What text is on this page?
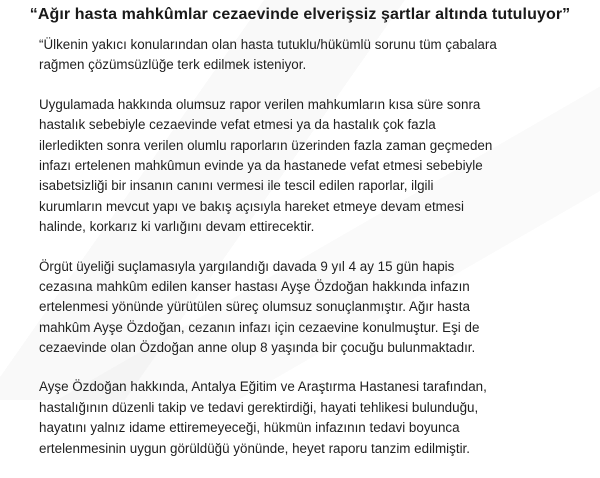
“Ağır hasta mahkûmlar cezaevinde elverişsiz şartlar altında tutuluyor”
“Ülkenin yakıcı konularından olan hasta tutuklu/hükümlü sorunu tüm çabalara
rağmen çözümsüzlüğe terk edilmek isteniyor.
Uygulamada hakkında olumsuz rapor verilen mahkumların kısa süre sonra
hastalık sebebiyle cezaevinde vefat etmesi ya da hastalık çok fazla
ilerledikten sonra verilen olumlu raporların üzerinden fazla zaman geçmeden
infazı ertelenen mahkûmun evinde ya da hastanede vefat etmesi sebebiyle
isabetsizliği bir insanın canını vermesi ile tescil edilen raporlar, ilgili
kurumların mevcut yapı ve bakış açısıyla hareket etmeye devam etmesi
halinde, korkarız ki varlığını devam ettirecektir.
Örgüt üyeliği suçlamasıyla yargılandığı davada 9 yıl 4 ay 15 gün hapis
cezasına mahkûm edilen kanser hastası Ayşe Özdoğan hakkında infazın
ertelenmesi yönünde yürütülen süreç olumsuz sonuçlanmıştır. Ağır hasta
mahkûm Ayşe Özdoğan, cezanın infazı için cezaevine konulmuştur. Eşi de
cezaevinde olan Özdoğan anne olup 8 yaşında bir çocuğu bulunmaktadır.
Ayşe Özdoğan hakkında, Antalya Eğitim ve Araştırma Hastanesi tarafından,
hastalığının düzenli takip ve tedavi gerektirdiği, hayati tehlikesi bulunduğu,
hayatını yalnız idame ettiremeyeceği, hükmün infazının tedavi boyunca
ertelenmesinin uygun görüldüğü yönünde, heyet raporu tanzim edilmiştir.
